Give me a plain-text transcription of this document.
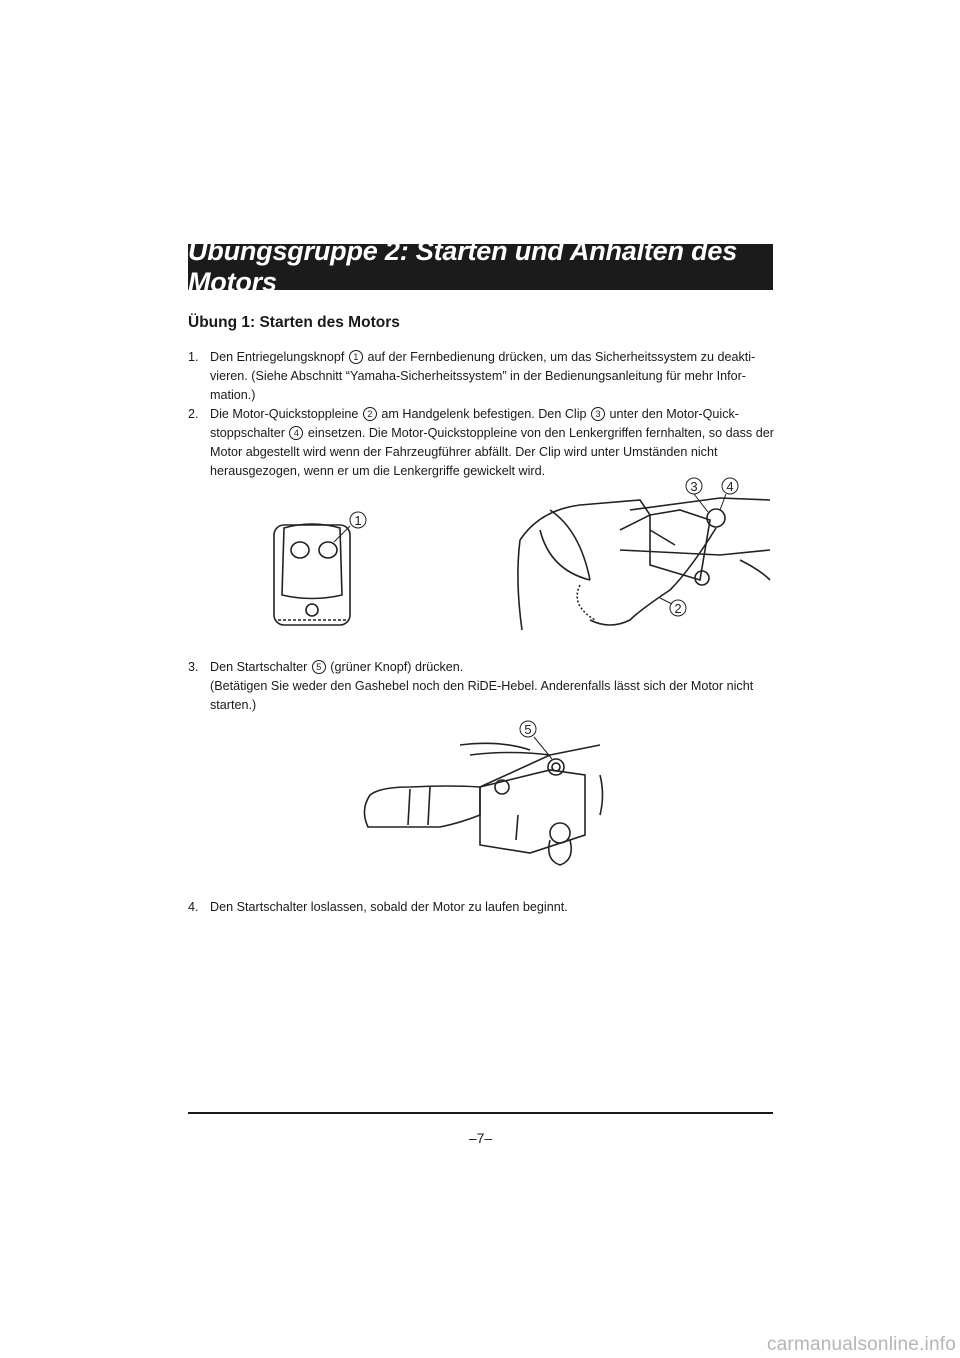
Übungsgruppe 2: Starten und Anhalten des Motors
Übung 1: Starten des Motors
1. Den Entriegelungsknopf 1 auf der Fernbedienung drücken, um das Sicherheitssystem zu deakti-vieren. (Siehe Abschnitt “Yamaha-Sicherheitssystem” in der Bedienungsanleitung für mehr Infor-mation.)
2. Die Motor-Quickstoppleine 2 am Handgelenk befestigen. Den Clip 3 unter den Motor-Quick-stoppschalter 4 einsetzen. Die Motor-Quickstoppleine von den Lenkergriffen fernhalten, so dass der Motor abgestellt wird wenn der Fahrzeugführer abfällt. Der Clip wird unter Umständen nicht herausgezogen, wenn er um die Lenkergriffe gewickelt wird.
1
3 4
2
3. Den Startschalter 5 (grüner Knopf) drücken.
(Betätigen Sie weder den Gashebel noch den RiDE-Hebel. Anderenfalls lässt sich der Motor nicht starten.)
5
4. Den Startschalter loslassen, sobald der Motor zu laufen beginnt.
–7–
carmanualsonline.info
